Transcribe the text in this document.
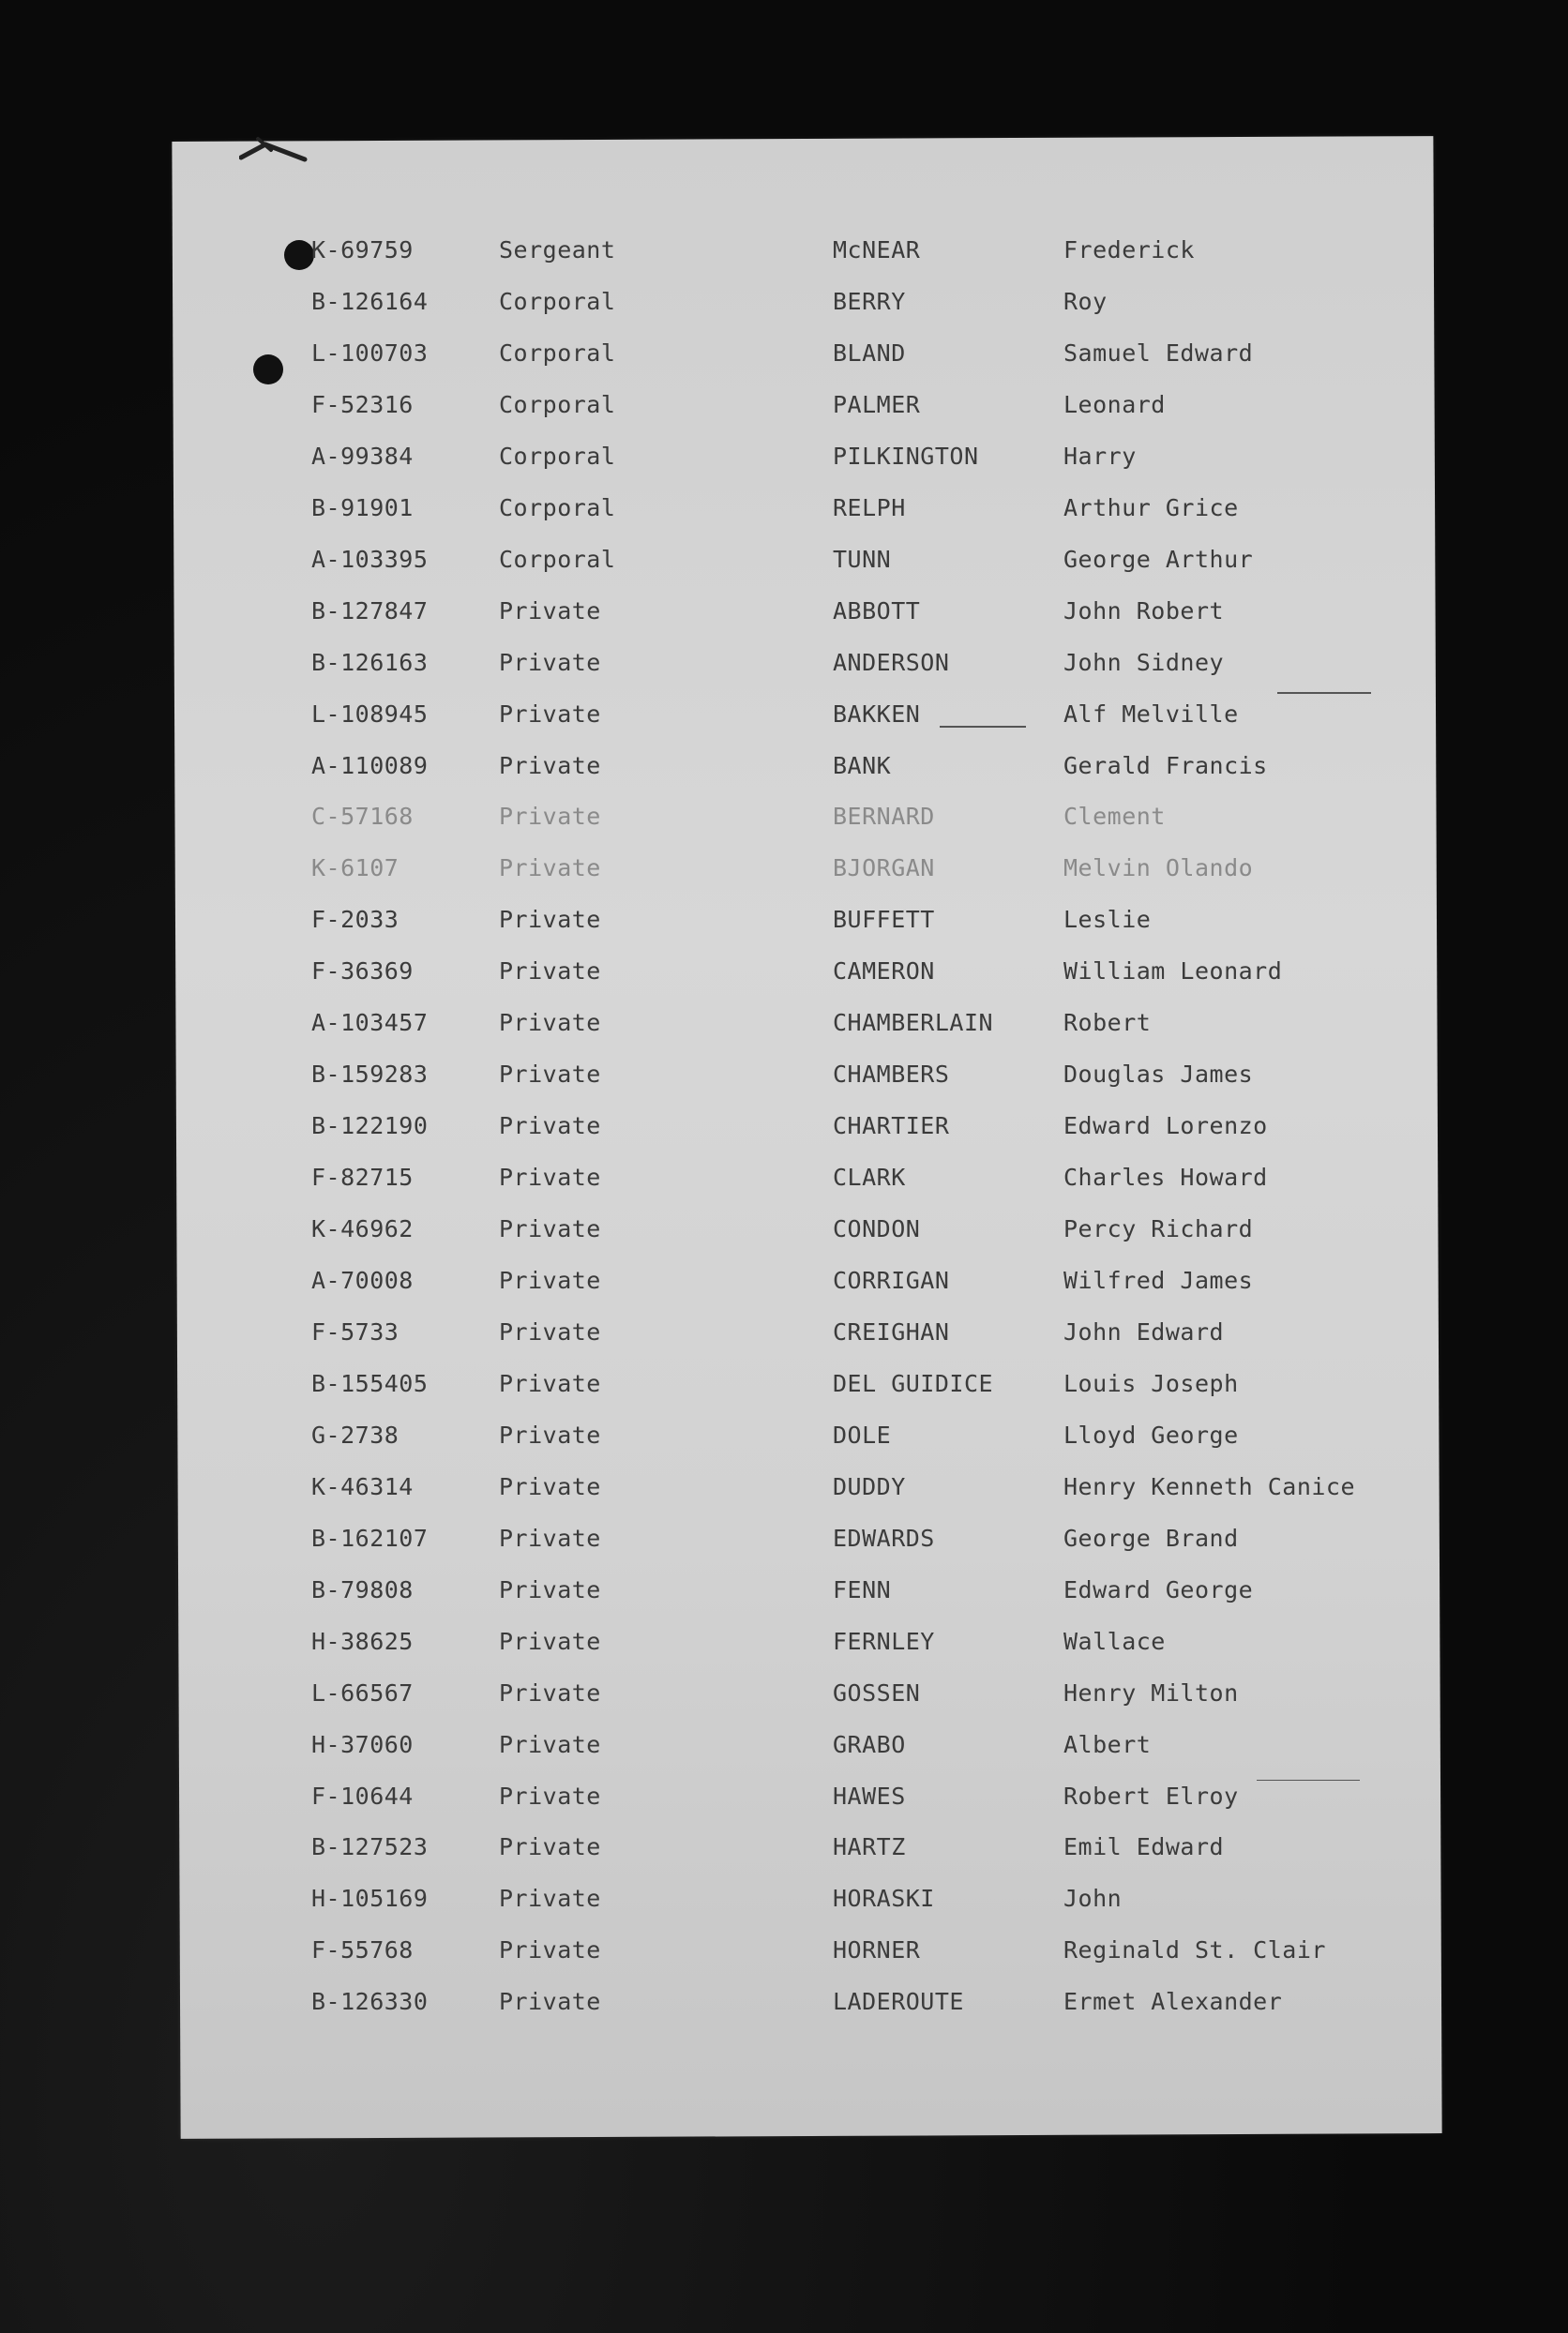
K-69759	Sergeant	McNEAR	Frederick
B-126164	Corporal	BERRY	Roy
L-100703	Corporal	BLAND	Samuel Edward
F-52316	Corporal	PALMER	Leonard
A-99384	Corporal	PILKINGTON	Harry
B-91901	Corporal	RELPH	Arthur Grice
A-103395	Corporal	TUNN	George Arthur
B-127847	Private	ABBOTT	John Robert
B-126163	Private	ANDERSON	John Sidney
L-108945	Private	BAKKEN	Alf Melville
A-110089	Private	BANK	Gerald Francis
C-57168	Private	BERNARD	Clement
K-6107	Private	BJORGAN	Melvin Olando
F-2033	Private	BUFFETT	Leslie
F-36369	Private	CAMERON	William Leonard
A-103457	Private	CHAMBERLAIN	Robert
B-159283	Private	CHAMBERS	Douglas James
B-122190	Private	CHARTIER	Edward Lorenzo
F-82715	Private	CLARK	Charles Howard
K-46962	Private	CONDON	Percy Richard
A-70008	Private	CORRIGAN	Wilfred James
F-5733	Private	CREIGHAN	John Edward
B-155405	Private	DEL GUIDICE	Louis Joseph
G-2738	Private	DOLE	Lloyd George
K-46314	Private	DUDDY	Henry Kenneth Canice
B-162107	Private	EDWARDS	George Brand
B-79808	Private	FENN	Edward George
H-38625	Private	FERNLEY	Wallace
L-66567	Private	GOSSEN	Henry Milton
H-37060	Private	GRABO	Albert
F-10644	Private	HAWES	Robert Elroy
B-127523	Private	HARTZ	Emil Edward
H-105169	Private	HORASKI	John
F-55768	Private	HORNER	Reginald St. Clair
B-126330	Private	LADEROUTE	Ermet Alexander
